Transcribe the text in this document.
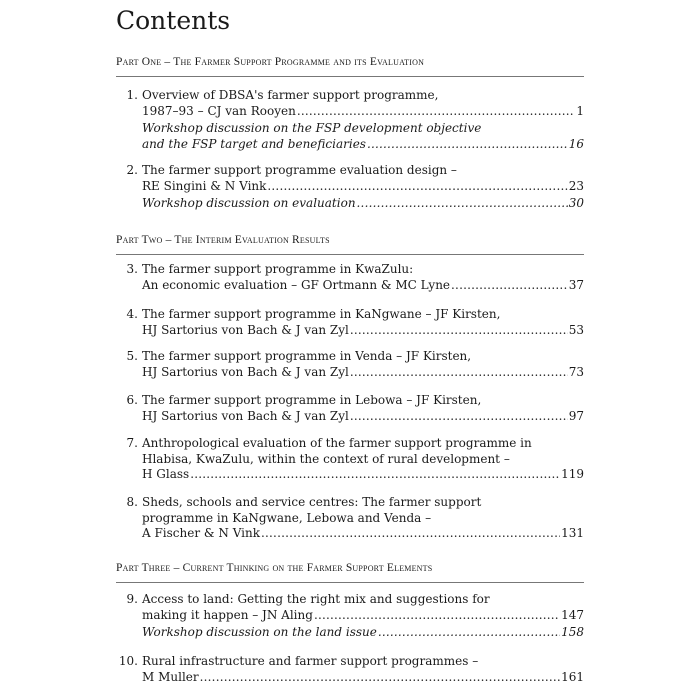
Contents
Part One – The Farmer Support Programme and its Evaluation
1. Overview of DBSA's farmer support programme,
1987–93 – CJ van Rooyen .....	1
Workshop discussion on the FSP development objective
and the FSP target and beneficiaries .....	16
2. The farmer support programme evaluation design –
RE Singini & N Vink .....	23
Workshop discussion on evaluation .....	30
Part Two – The Interim Evaluation Results
3. The farmer support programme in KwaZulu:
An economic evaluation – GF Ortmann & MC Lyne .....	37
4. The farmer support programme in KaNgwane – JF Kirsten,
HJ Sartorius von Bach & J van Zyl .....	53
5. The farmer support programme in Venda – JF Kirsten,
HJ Sartorius von Bach & J van Zyl .....	73
6. The farmer support programme in Lebowa – JF Kirsten,
HJ Sartorius von Bach & J van Zyl .....	97
7. Anthropological evaluation of the farmer support programme in
Hlabisa, KwaZulu, within the context of rural development –
H Glass .....	119
8. Sheds, schools and service centres: The farmer support
programme in KaNgwane, Lebowa and Venda –
A Fischer & N Vink .....	131
Part Three – Current Thinking on the Farmer Support Elements
9. Access to land: Getting the right mix and suggestions for
making it happen – JN Aling .....	147
Workshop discussion on the land issue .....	158
10. Rural infrastructure and farmer support programmes –
M Muller .....	161
